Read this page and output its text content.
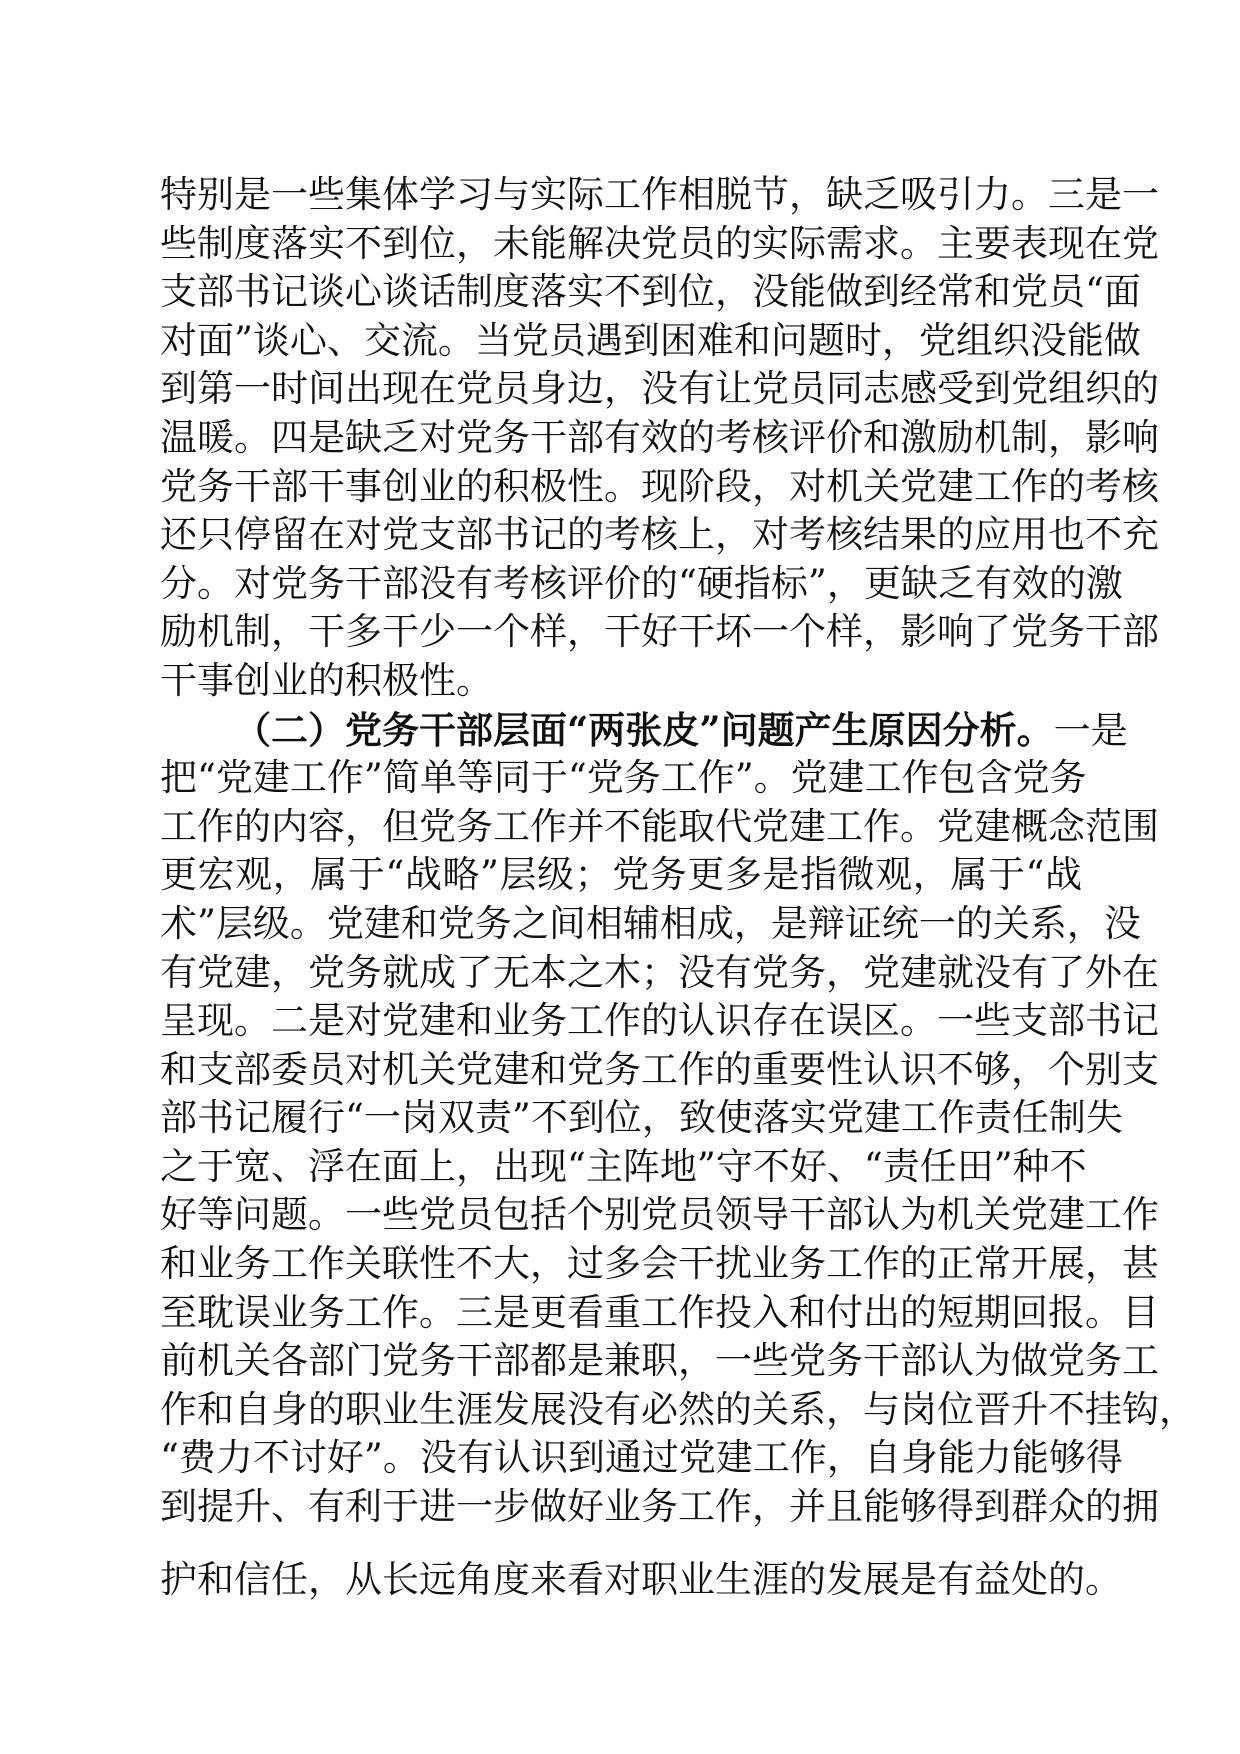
特别是一些集体学习与实际工作相脱节，缺乏吸引力。三是一
些制度落实不到位，未能解决党员的实际需求。主要表现在党
支部书记谈心谈话制度落实不到位，没能做到经常和党员“面
对面”谈心、交流。当党员遇到困难和问题时，党组织没能做
到第一时间出现在党员身边，没有让党员同志感受到党组织的
温暖。四是缺乏对党务干部有效的考核评价和激励机制，影响
党务干部干事创业的积极性。现阶段，对机关党建工作的考核
还只停留在对党支部书记的考核上，对考核结果的应用也不充
分。对党务干部没有考核评价的“硬指标”，更缺乏有效的激
励机制，干多干少一个样，干好干坏一个样，影响了党务干部
干事创业的积极性。
（二）党务干部层面“两张皮”问题产生原因分析。一是
把“党建工作”简单等同于“党务工作”。党建工作包含党务
工作的内容，但党务工作并不能取代党建工作。党建概念范围
更宏观，属于“战略”层级；党务更多是指微观，属于“战
术”层级。党建和党务之间相辅相成，是辩证统一的关系，没
有党建，党务就成了无本之木；没有党务，党建就没有了外在
呈现。二是对党建和业务工作的认识存在误区。一些支部书记
和支部委员对机关党建和党务工作的重要性认识不够，个别支
部书记履行“一岗双责”不到位，致使落实党建工作责任制失
之于宽、浮在面上，出现“主阵地”守不好、“责任田”种不
好等问题。一些党员包括个别党员领导干部认为机关党建工作
和业务工作关联性不大，过多会干扰业务工作的正常开展，甚
至耽误业务工作。三是更看重工作投入和付出的短期回报。目
前机关各部门党务干部都是兼职，一些党务干部认为做党务工
作和自身的职业生涯发展没有必然的关系，与岗位晋升不挂钩，
“费力不讨好”。没有认识到通过党建工作，自身能力能够得
到提升、有利于进一步做好业务工作，并且能够得到群众的拥
护和信任，从长远角度来看对职业生涯的发展是有益处的。
